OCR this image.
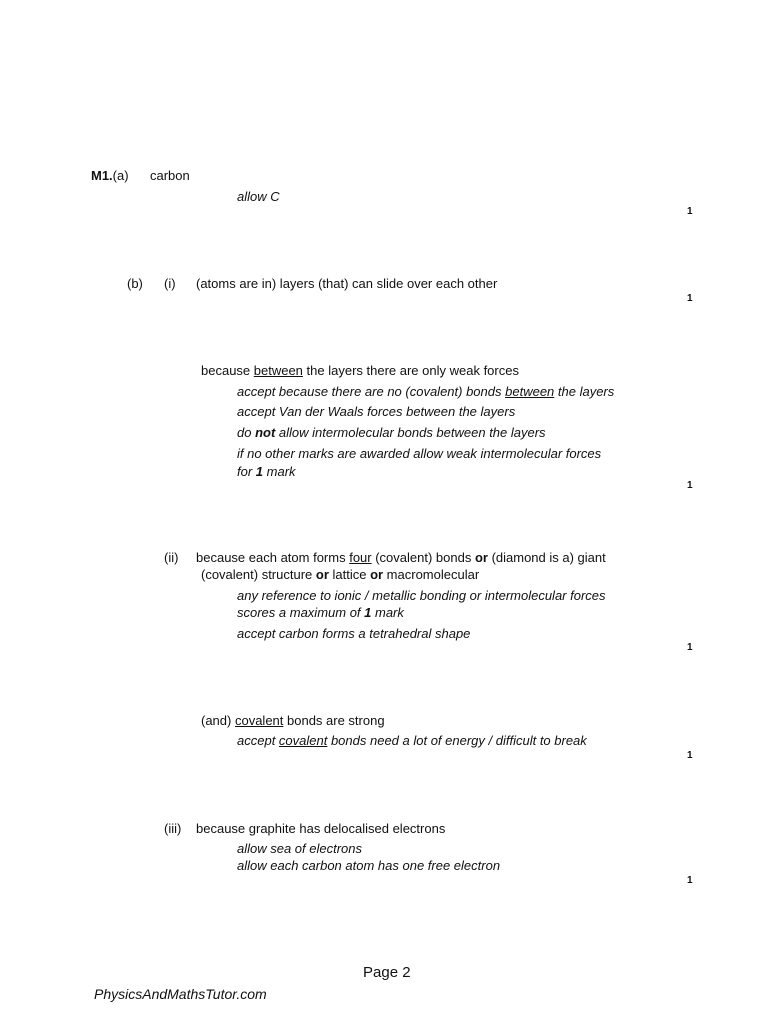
M1.(a) carbon
allow C
1
(b) (i) (atoms are in) layers (that) can slide over each other
1
because between the layers there are only weak forces
accept because there are no (covalent) bonds between the layers
accept Van der Waals forces between the layers
do not allow intermolecular bonds between the layers
if no other marks are awarded allow weak intermolecular forces
for 1 mark
1
(ii) because each atom forms four (covalent) bonds or (diamond is a) giant
(covalent) structure or lattice or macromolecular
any reference to ionic / metallic bonding or intermolecular forces
scores a maximum of 1 mark
accept carbon forms a tetrahedral shape
1
(and) covalent bonds are strong
accept covalent bonds need a lot of energy / difficult to break
1
(iii) because graphite has delocalised electrons
allow sea of electrons
allow each carbon atom has one free electron
1
Page 2
PhysicsAndMathsTutor.com
